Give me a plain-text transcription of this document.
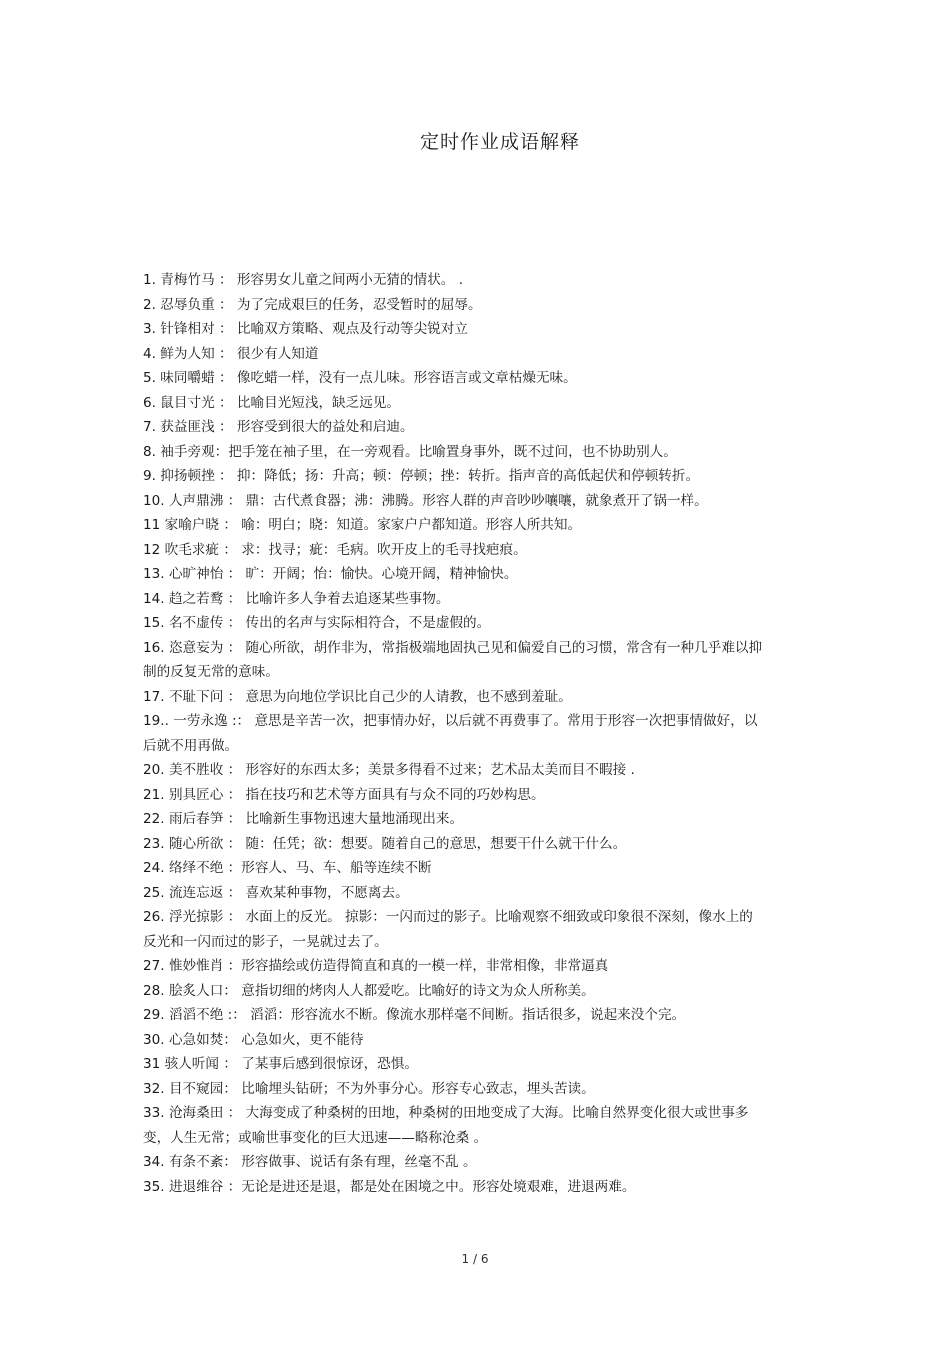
定时作业成语解释
1. 青梅竹马 ： 形容男女儿童之间两小无猜的情状。 .
2. 忍辱负重 ： 为了完成艰巨的任务，忍受暂时的屈辱。
3. 针锋相对 ： 比喻双方策略、观点及行动等尖锐对立
4. 鲜为人知 ： 很少有人知道
5. 味同嚼蜡 ： 像吃蜡一样，没有一点儿味。形容语言或文章枯燥无味。
6. 鼠目寸光 ： 比喻目光短浅，缺乏远见。
7. 获益匪浅 ： 形容受到很大的益处和启迪。
8. 袖手旁观：把手笼在袖子里，在一旁观看。比喻置身事外，既不过问，也不协助别人。
9. 抑扬顿挫 ： 抑：降低；扬：升高；顿：停顿；挫：转折。指声音的高低起伏和停顿转折。
10. 人声鼎沸 ： 鼎：古代煮食器；沸：沸腾。形容人群的声音吵吵嚷嚷，就象煮开了锅一样。
11 家喻户晓 ： 喻：明白；晓：知道。家家户户都知道。形容人所共知。
12 吹毛求疵 ： 求：找寻；疵：毛病。吹开皮上的毛寻找疤痕。
13. 心旷神怡 ： 旷：开阔；怡：愉快。心境开阔，精神愉快。
14. 趋之若鹜 ： 比喻许多人争着去追逐某些事物。
15. 名不虚传 ： 传出的名声与实际相符合，不是虚假的。
16. 恣意妄为 ： 随心所欲，胡作非为，常指极端地固执己见和偏爱自己的习惯，常含有一种几乎难以抑制的反复无常的意味。
17. 不耻下问 ： 意思为向地位学识比自己少的人请教，也不感到羞耻。
19.. 一劳永逸 :： 意思是辛苦一次，把事情办好，以后就不再费事了。常用于形容一次把事情做好，以后就不用再做。
20. 美不胜收 ： 形容好的东西太多；美景多得看不过来；艺术品太美而目不暇接 .
21. 别具匠心 ： 指在技巧和艺术等方面具有与众不同的巧妙构思。
22. 雨后春笋 ： 比喻新生事物迅速大量地涌现出来。
23. 随心所欲 ： 随：任凭；欲：想要。随着自己的意思，想要干什么就干什么。
24. 络绎不绝 ：形容人、马、车、船等连续不断
25. 流连忘返 ： 喜欢某种事物，不愿离去。
26. 浮光掠影 ： 水面上的反光。 掠影：一闪而过的影子。比喻观察不细致或印象很不深刻，像水上的反光和一闪而过的影子，一晃就过去了。
27. 惟妙惟肖 ：形容描绘或仿造得简直和真的一模一样，非常相像，非常逼真
28. 脍炙人口： 意指切细的烤肉人人都爱吃。比喻好的诗文为众人所称美。
29. 滔滔不绝 :： 滔滔：形容流水不断。像流水那样毫不间断。指话很多，说起来没个完。
30. 心急如焚： 心急如火，更不能待
31 骇人听闻 ： 了某事后感到很惊讶，恐惧。
32. 目不窥园： 比喻埋头钻研；不为外事分心。形容专心致志，埋头苦读。
33. 沧海桑田 ： 大海变成了种桑树的田地，种桑树的田地变成了大海。比喻自然界变化很大或世事多变，人生无常；或喻世事变化的巨大迅速——略称沧桑 。
34. 有条不紊： 形容做事、说话有条有理，丝毫不乱 。
35. 进退维谷 ：无论是进还是退，都是处在困境之中。形容处境艰难，进退两难。
1 / 6
